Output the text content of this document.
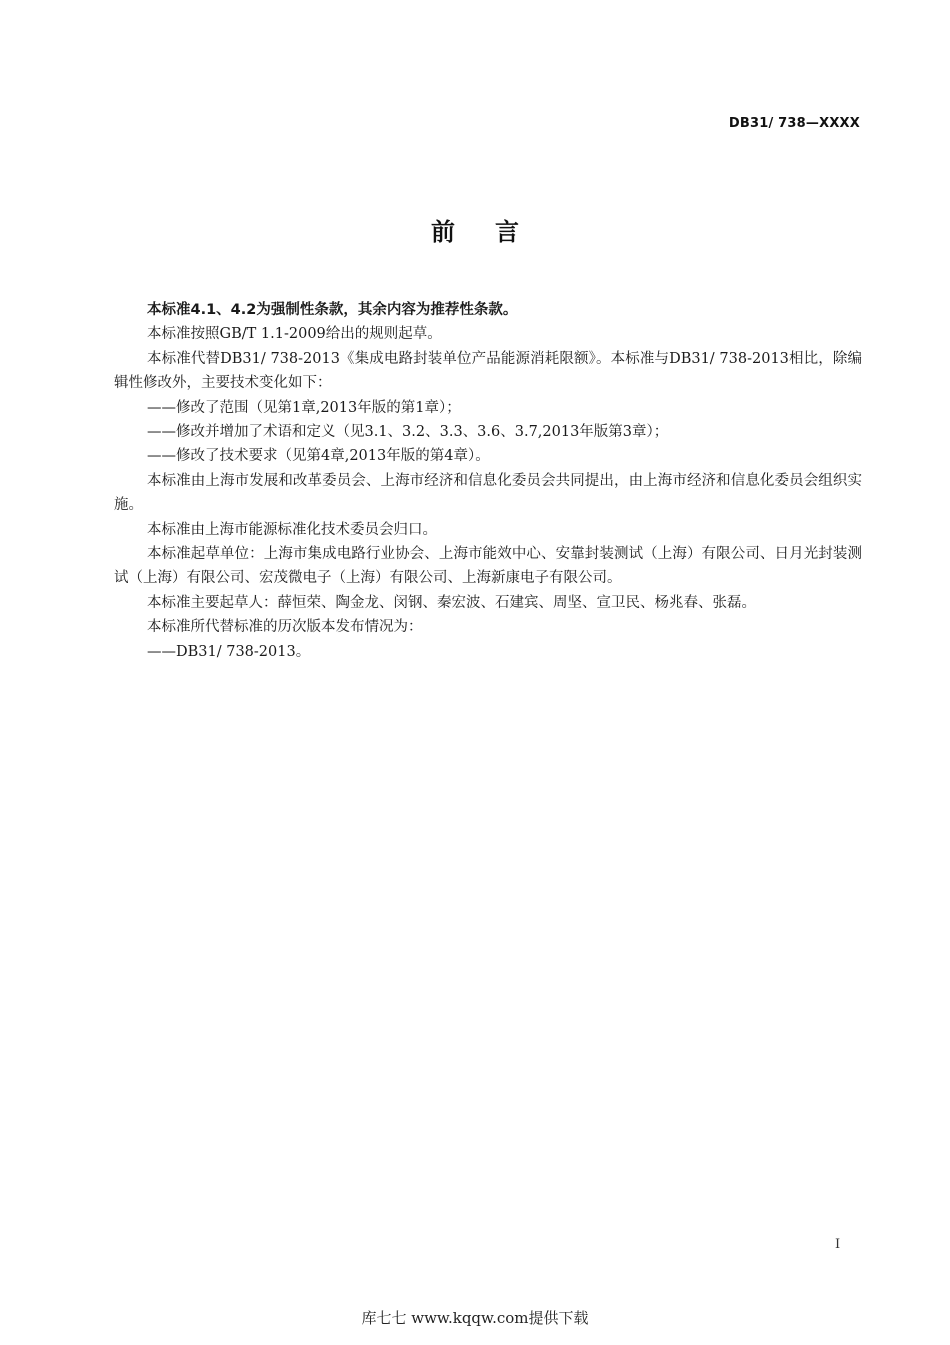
DB31/ 738—XXXX
前言

本标准4.1、4.2为强制性条款，其余内容为推荐性条款。

本标准按照GB/T 1.1-2009给出的规则起草。

本标准代替DB31/ 738-2013《集成电路封装单位产品能源消耗限额》。本标准与DB31/ 738-2013相比，除编辑性修改外，主要技术变化如下：

——修改了范围（见第1章,2013年版的第1章）；

——修改并增加了术语和定义（见3.1、3.2、3.3、3.6、3.7,2013年版第3章）；

——修改了技术要求（见第4章,2013年版的第4章）。

本标准由上海市发展和改革委员会、上海市经济和信息化委员会共同提出，由上海市经济和信息化委员会组织实施。

本标准由上海市能源标准化技术委员会归口。

本标准起草单位：上海市集成电路行业协会、上海市能效中心、安靠封装测试（上海）有限公司、日月光封装测试（上海）有限公司、宏茂微电子（上海）有限公司、上海新康电子有限公司。

本标准主要起草人：薛恒荣、陶金龙、闵钢、秦宏波、石建宾、周坚、宣卫民、杨兆春、张磊。

本标准所代替标准的历次版本发布情况为：

——DB31/ 738-2013。

I
库七七 www.kqqw.com提供下载
